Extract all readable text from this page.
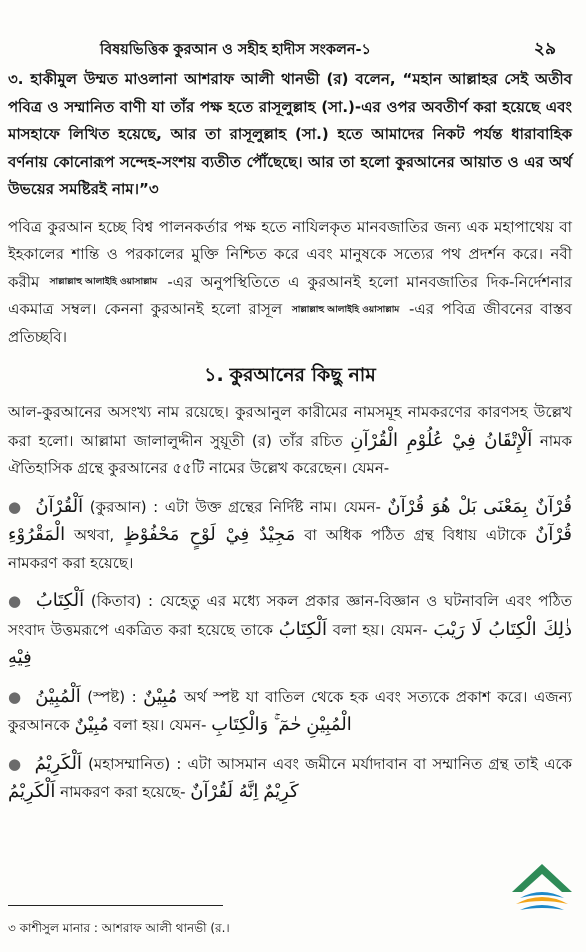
বিষয়ভিত্তিক কুরআন ও সহীহ হাদীস সংকলন-১	২৯

৩. হাকীমুল উম্মত মাওলানা আশরাফ আলী থানভী (র) বলেন, “মহান আল্লাহর সেই অতীব পবিত্র ও সম্মানিত বাণী যা তাঁর পক্ষ হতে রাসূলুল্লাহ (সা.)-এর ওপর অবতীর্ণ করা হয়েছে এবং মাসহাফে লিখিত হয়েছে, আর তা রাসূলুল্লাহ (সা.) হতে আমাদের নিকট পর্যন্ত ধারাবাহিক বর্ণনায় কোনোরূপ সন্দেহ-সংশয় ব্যতীত পৌঁছেছে। আর তা হলো কুরআনের আয়াত ও এর অর্থ উভয়ের সমষ্টিরই নাম।”৩

পবিত্র কুরআন হচ্ছে বিশ্ব পালনকর্তার পক্ষ হতে নাযিলকৃত মানবজাতির জন্য এক মহাপাথেয় বা ইহকালের শান্তি ও পরকালের মুক্তি নিশ্চিত করে এবং মানুষকে সত্যের পথ প্রদর্শন করে। নবী করীম সাল্লাল্লাহু আলাইহি ওয়াসাল্লাম -এর অনুপস্থিতিতে এ কুরআনই হলো মানবজাতির দিক-নির্দেশনার একমাত্র সম্বল। কেননা কুরআনই হলো রাসূল সাল্লাল্লাহু আলাইহি ওয়াসাল্লাম -এর পবিত্র জীবনের বাস্তব প্রতিচ্ছবি।

১. কুরআনের কিছু নাম

আল-কুরআনের অসংখ্য নাম রয়েছে। কুরআনুল কারীমের নামসমূহ নামকরণের কারণসহ উল্লেখ করা হলো। আল্লামা জালালুদ্দীন সুয়ূতী (র) তাঁর রচিত اَلْإِتْقَانُ فِيْ عُلُوْمِ الْقُرْآنِ নামক ঐতিহাসিক গ্রন্থে কুরআনের ৫৫টি নামের উল্লেখ করেছেন। যেমন-

● اَلْقُرْآنُ (কুরআন) : এটা উক্ত গ্রন্থের নির্দিষ্ট নাম। যেমন- بَلْ هُوَ قُرْآنٌ قُرْآنٌ بِمَعْنَى الْمَقْرُوْءِ অথবা, مَجِيْدٌ فِيْ لَوْحٍ مَحْفُوْظٍ বা অধিক পঠিত গ্রন্থ বিধায় এটাকে قُرْآنٌ নামকরণ করা হয়েছে।

● اَلْكِتَابُ (কিতাব) : যেহেতু এর মধ্যে সকল প্রকার জ্ঞান-বিজ্ঞান ও ঘটনাবলি এবং পঠিত সংবাদ উত্তমরূপে একত্রিত করা হয়েছে তাকে اَلْكِتَابُ বলা হয়। যেমন- ذٰلِكَ الْكِتَابُ لَا رَيْبَ فِيْهِ

● اَلْمُبِيْنُ (স্পষ্ট) : مُبِيْنٌ অর্থ স্পষ্ট যা বাতিল থেকে হক এবং সত্যকে প্রকাশ করে। এজন্য কুরআনকে مُبِيْنٌ বলা হয়। যেমন- حٰمٓ ۚ وَالْكِتَابِ الْمُبِيْنِ

● اَلْكَرِيْمُ (মহাসম্মানিত) : এটা আসমান এবং জমীনে মর্যাদাবান বা সম্মানিত গ্রন্থ তাই একে اَلْكَرِيْمُ নামকরণ করা হয়েছে- اِنَّهُ لَقُرْآنٌ كَرِيْمٌ

৩ কাশীসুল মানার : আশরাফ আলী থানভী (র.।
